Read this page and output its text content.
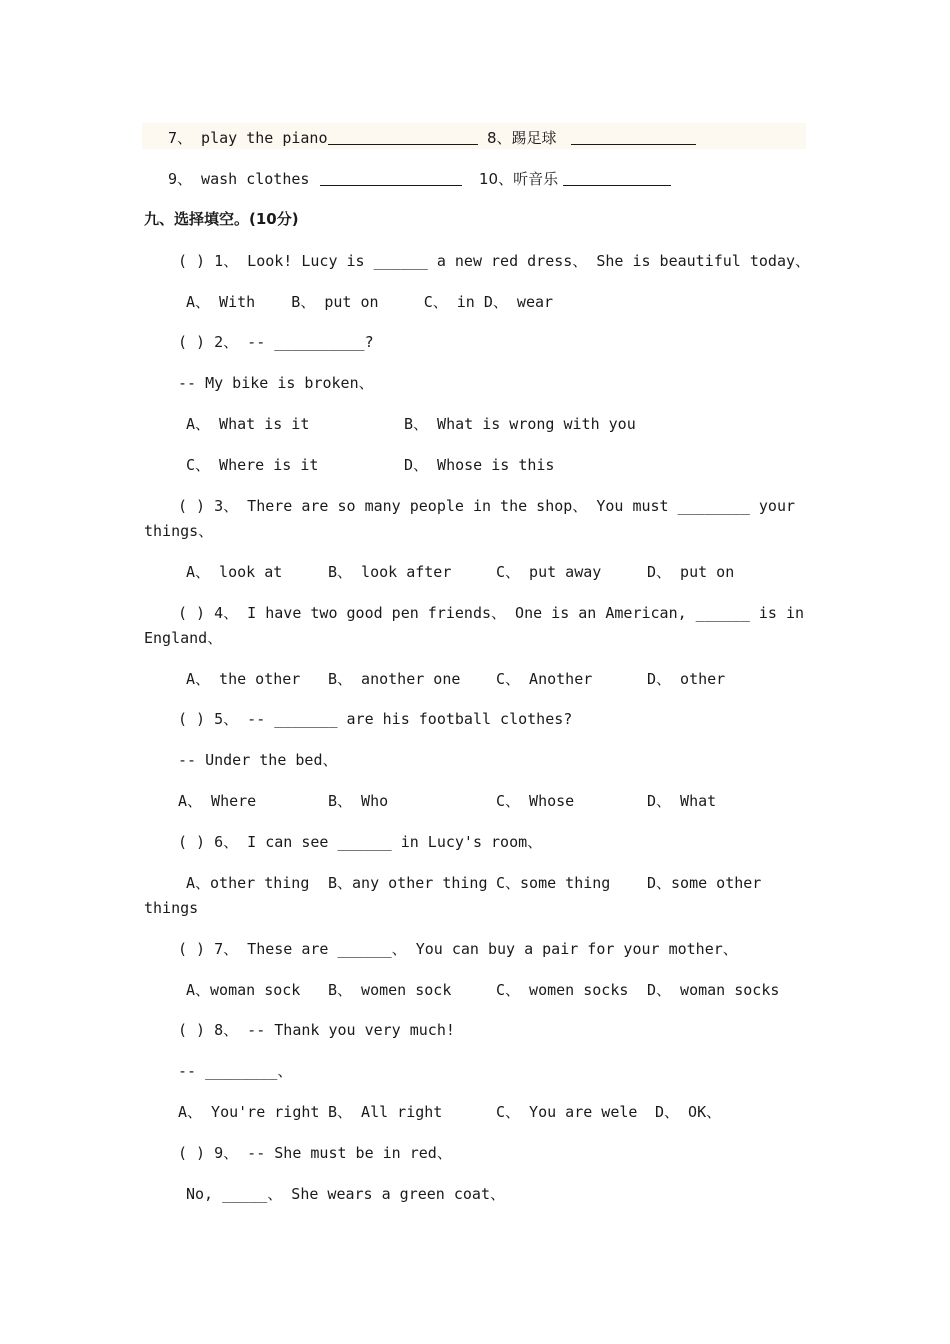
7、 play the piano	8、踢足球
9、 wash clothes	10、听音乐
九、选择填空。(10分)
( ) 1、 Look! Lucy is ______ a new red dress、 She is beautiful today、
A、 With    B、 put on     C、 in D、 wear
( ) 2、 -- __________?
-- My bike is broken、
A、 What is it	B、 What is wrong with you
C、 Where is it	D、 Whose is this
( ) 3、 There are so many people in the shop、 You must ________ your
things、
A、 look at	B、 look after	C、 put away	D、 put on
( ) 4、 I have two good pen friends、 One is an American, ______ is in
England、
A、 the other B、 another one C、 Another	D、 other
( ) 5、 -- _______ are his football clothes?
-- Under the bed、
A、 Where	B、 Who	C、 Whose	D、 What
( ) 6、 I can see ______ in Lucy's room、
A、other thing B、any other thing C、some thing D、some other
things
( ) 7、 These are ______、 You can buy a pair for your mother、
A、woman sock B、 women sock	C、 women socks D、 woman socks
( ) 8、 -- Thank you very much!
-- ________、
A、 You're right B、 All right	C、 You are wele D、 OK、
( ) 9、 -- She must be in red、
No, _____、 She wears a green coat、
